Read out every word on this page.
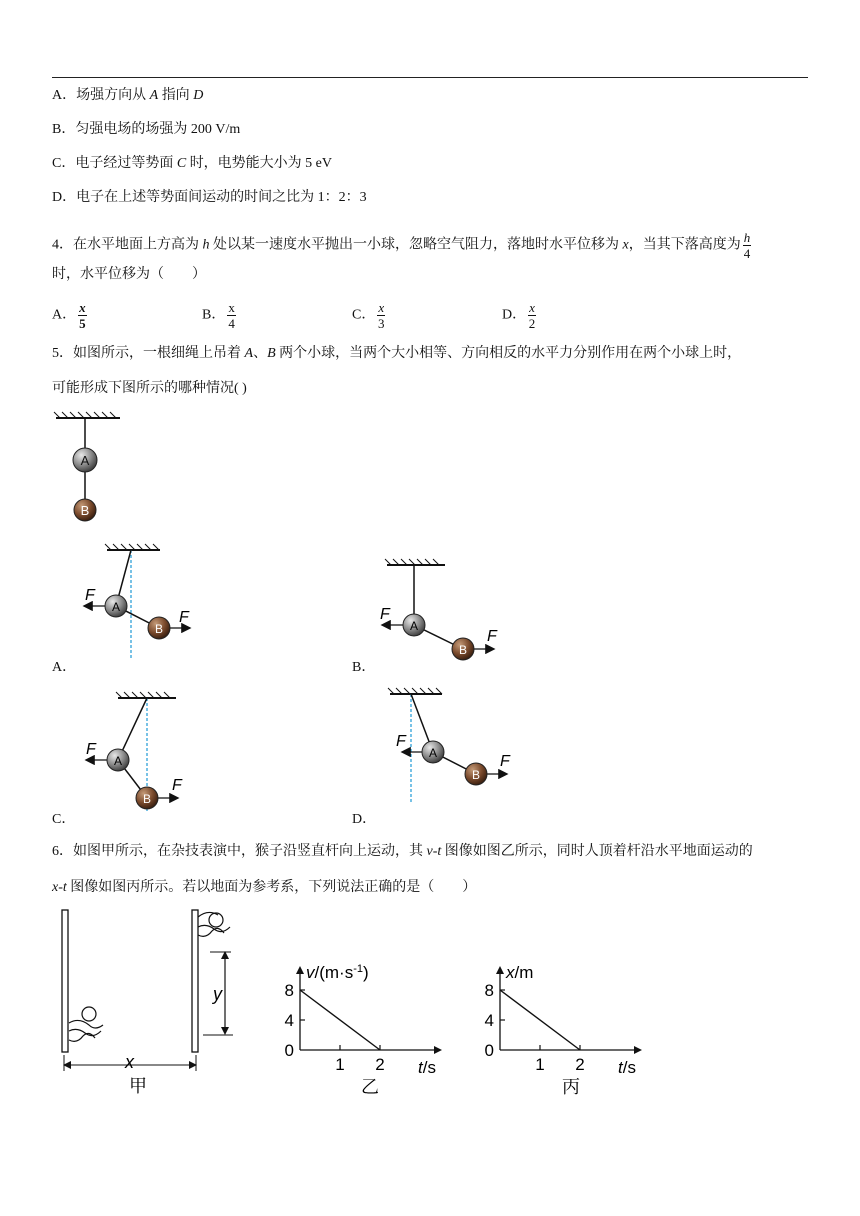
A．场强方向从 A 指向 D
B．匀强电场的场强为 200 V/m
C．电子经过等势面 C 时，电势能大小为 5 eV
D．电子在上述等势面间运动的时间之比为 1：2：3
4．在水平地面上方高为 h 处以某一速度水平抛出一小球，忽略空气阻力，落地时水平位移为 x，当其下落高度为 $\frac{h}{4}$
时，水平位移为（　　）
A． $\frac{x}{5}$	B． $\frac{x}{4}$	C． $\frac{x}{3}$	D． $\frac{x}{2}$
5．如图所示，一根细绳上吊着 A、B 两个小球，当两个大小相等、方向相反的水平力分别作用在两个小球上时，
可能形成下图所示的哪种情况( )
A
B
F
A
F
B
A．
F
A
F
B
B．
F
A
F
B
C．
F
A	F
B
D．
6．如图甲所示，在杂技表演中，猴子沿竖直杆向上运动，其 v-t 图像如图乙所示，同时人顶着杆沿水平地面运动的
x-t 图像如图丙所示。若以地面为参考系，下列说法正确的是（　　）
y
x
甲
$v/(m\cdot s^{-1})$
t/s
8
4
0
1 2
乙
x/m
t/s
8
4
0
1 2
丙
